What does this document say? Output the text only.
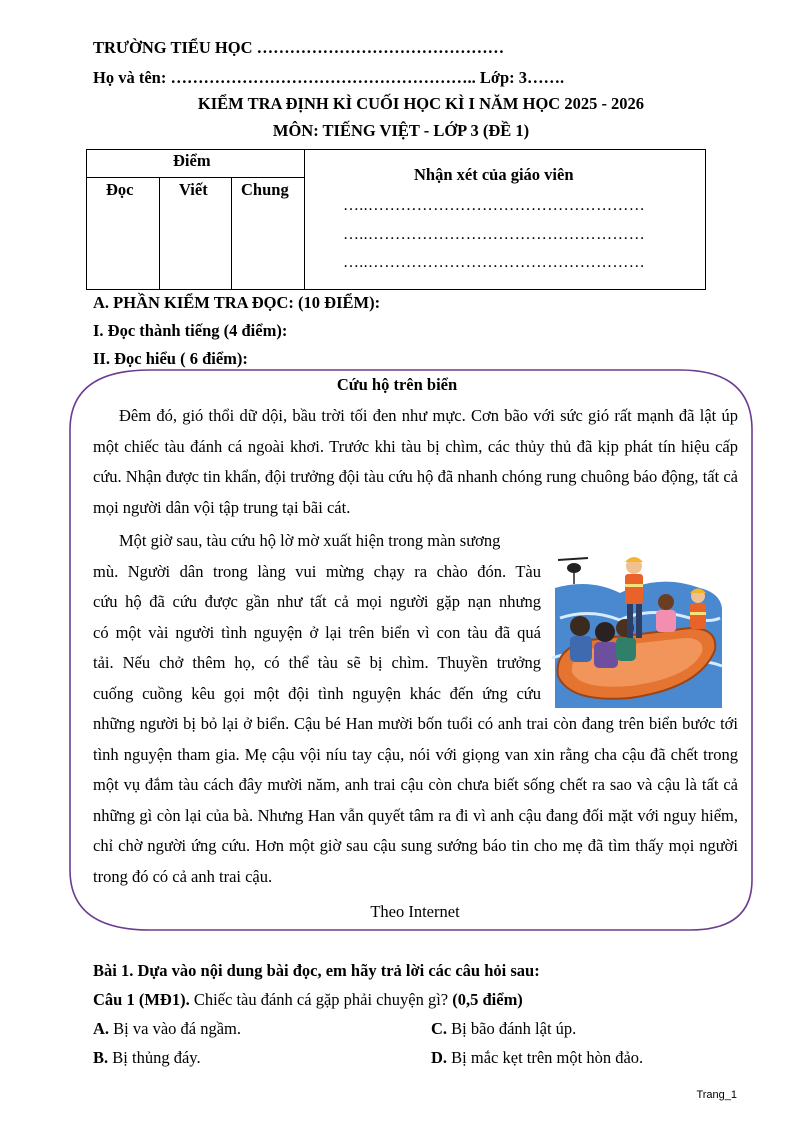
TRƯỜNG TIỂU HỌC ………………………………………
Họ và tên: ……………………………………………….. Lớp: 3…….
KIỂM TRA ĐỊNH KÌ CUỐI HỌC KÌ I NĂM HỌC 2025 - 2026
MÔN: TIẾNG VIỆT - LỚP 3 (ĐỀ 1)
Điểm
Đọc	Viết Chung
Nhận xét của giáo viên
…..……………………………………………
…..……………………………………………
…..……………………………………………
A. PHẦN KIỂM TRA ĐỌC: (10 ĐIỂM):
I. Đọc thành tiếng (4 điểm):
II. Đọc hiểu ( 6 điểm):
Cứu hộ trên biển
Đêm đó, gió thổi dữ dội, bầu trời tối đen như mực. Cơn bão với sức gió rất mạnh đã lật úp một chiếc tàu đánh cá ngoài khơi. Trước khi tàu bị chìm, các thủy thủ đã kịp phát tín hiệu cấp cứu. Nhận được tin khẩn, đội trưởng đội tàu cứu hộ đã nhanh chóng rung chuông báo động, tất cả mọi người dân vội tập trung tại bãi cát.
Một giờ sau, tàu cứu hộ lờ mờ xuất hiện trong màn sương
mù. Người dân trong làng vui mừng chạy ra chào đón. Tàu
cứu hộ đã cứu được gần như tất cả mọi người gặp nạn nhưng
có một vài người tình nguyện ở lại trên biển vì con tàu đã quá
tải. Nếu chở thêm họ, có thể tàu sẽ bị chìm. Thuyền trưởng
cuống cuồng kêu gọi một đội tình nguyện khác đến ứng cứu
những người bị bỏ lại ở biển. Cậu bé Han mười bốn tuổi có anh trai còn đang trên biển bước tới tình nguyện tham gia. Mẹ cậu vội níu tay cậu, nói với giọng van xin rằng cha cậu đã chết trong một vụ đắm tàu cách đây mười năm, anh trai cậu còn chưa biết sống chết ra sao và cậu là tất cả những gì còn lại của bà. Nhưng Han vẫn quyết tâm ra đi vì anh cậu đang đối mặt với nguy hiểm, chỉ chờ người ứng cứu. Hơn một giờ sau cậu sung sướng báo tin cho mẹ đã tìm thấy mọi người trong đó có cả anh trai cậu.
Theo Internet
Bài 1. Dựa vào nội dung bài đọc, em hãy trả lời các câu hỏi sau:
Câu 1 (MĐ1). Chiếc tàu đánh cá gặp phải chuyện gì? (0,5 điểm)
A. Bị va vào đá ngầm.	C. Bị bão đánh lật úp.
B. Bị thủng đáy.	D. Bị mắc kẹt trên một hòn đảo.
Trang_1
